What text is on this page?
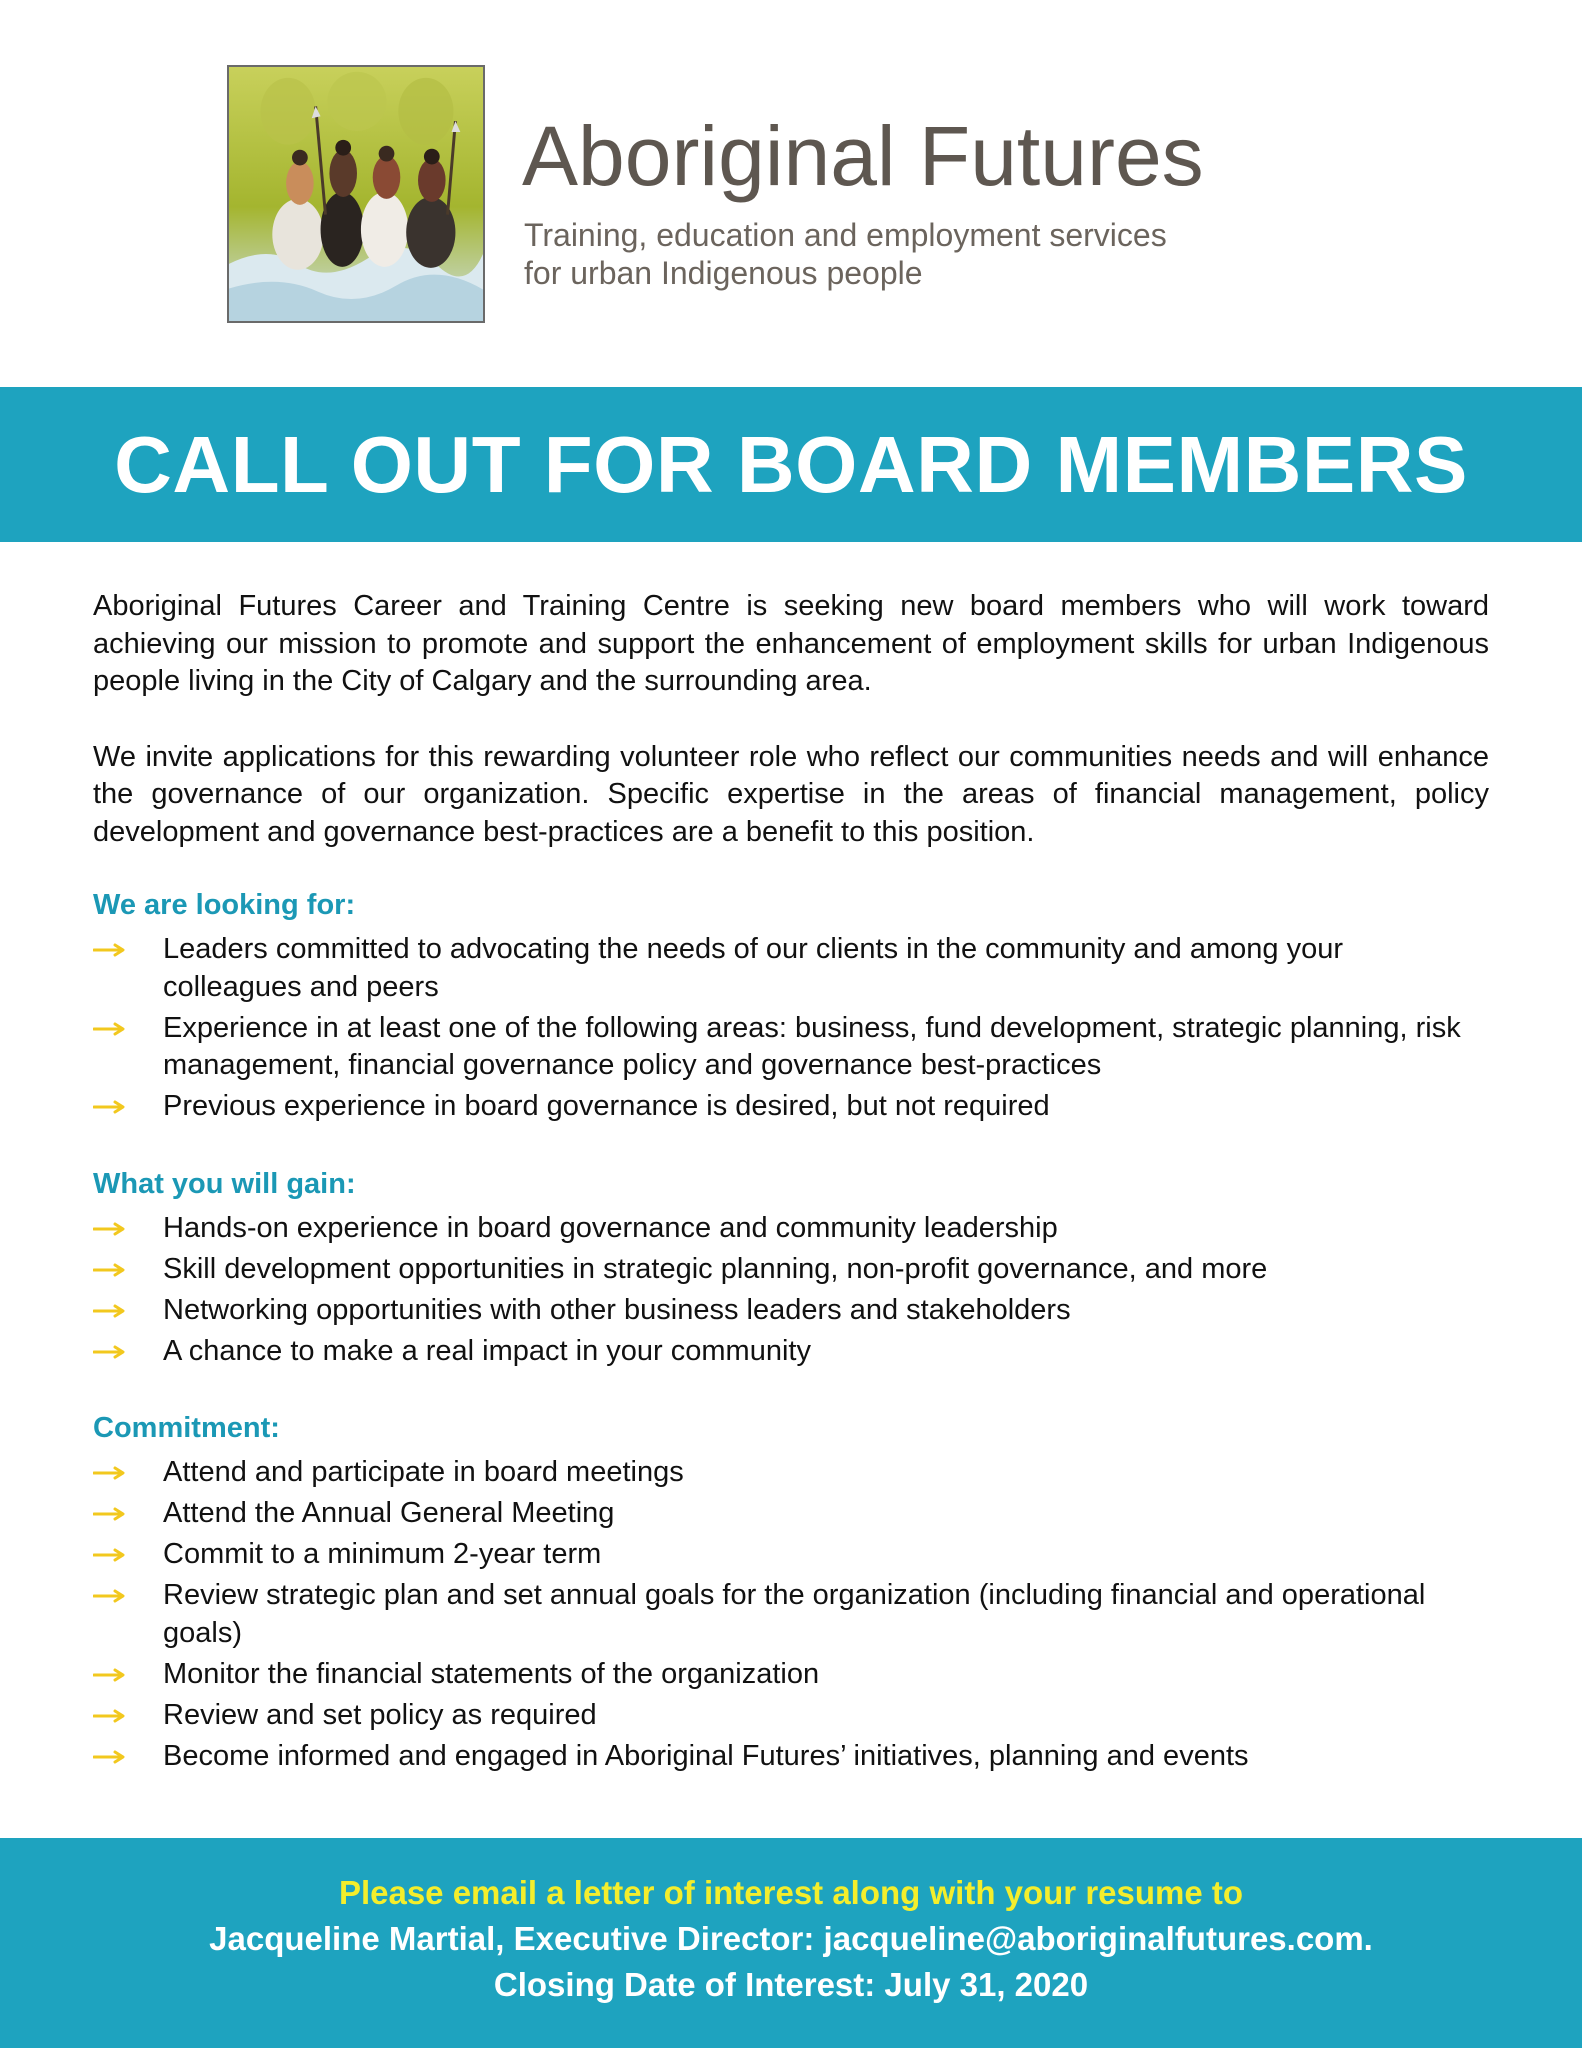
Aboriginal Futures
Training, education and employment services
for urban Indigenous people
CALL OUT FOR BOARD MEMBERS

Aboriginal Futures Career and Training Centre is seeking new board members who will work toward achieving our mission to promote and support the enhancement of employment skills for urban Indigenous people living in the City of Calgary and the surrounding area.

We invite applications for this rewarding volunteer role who reflect our communities needs and will enhance the governance of our organization. Specific expertise in the areas of financial management, policy development and governance best-practices are a benefit to this position.

We are looking for:
Leaders committed to advocating the needs of our clients in the community and among your colleagues and peers
Experience in at least one of the following areas: business, fund development, strategic planning, risk management, financial governance policy and governance best-practices
Previous experience in board governance is desired, but not required
What you will gain:
Hands-on experience in board governance and community leadership
Skill development opportunities in strategic planning, non-profit governance, and more
Networking opportunities with other business leaders and stakeholders
A chance to make a real impact in your community
Commitment:
Attend and participate in board meetings
Attend the Annual General Meeting
Commit to a minimum 2-year term
Review strategic plan and set annual goals for the organization (including financial and operational goals)
Monitor the financial statements of the organization
Review and set policy as required
Become informed and engaged in Aboriginal Futures’ initiatives, planning and events
Please email a letter of interest along with your resume to
Jacqueline Martial, Executive Director: jacqueline@aboriginalfutures.com.
Closing Date of Interest: July 31, 2020
